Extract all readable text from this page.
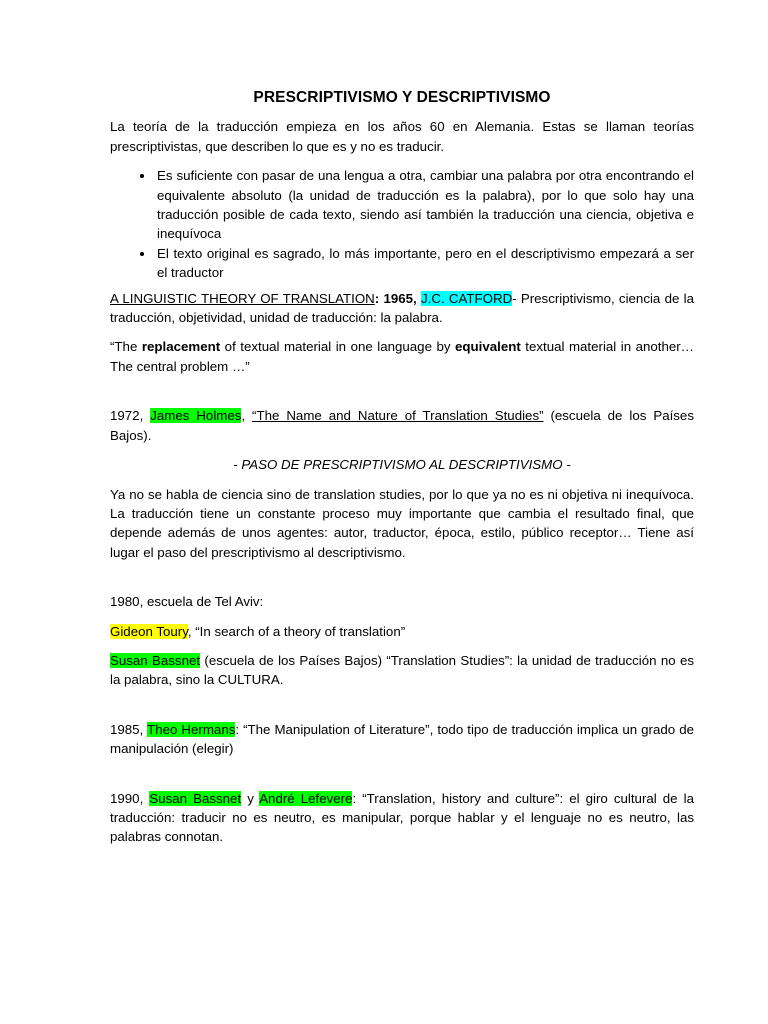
PRESCRIPTIVISMO Y DESCRIPTIVISMO

La teoría de la traducción empieza en los años 60 en Alemania. Estas se llaman teorías prescriptivistas, que describen lo que es y no es traducir.

• Es suficiente con pasar de una lengua a otra, cambiar una palabra por otra encontrando el equivalente absoluto (la unidad de traducción es la palabra), por lo que solo hay una traducción posible de cada texto, siendo así también la traducción una ciencia, objetiva e inequívoca
• El texto original es sagrado, lo más importante, pero en el descriptivismo empezará a ser el traductor

A LINGUISTIC THEORY OF TRANSLATION: 1965, J.C. CATFORD- Prescriptivismo, ciencia de la traducción, objetividad, unidad de traducción: la palabra.

“The replacement of textual material in one language by equivalent textual material in another… The central problem …”

1972, James Holmes, “The Name and Nature of Translation Studies” (escuela de los Países Bajos).

- PASO DE PRESCRIPTIVISMO AL DESCRIPTIVISMO -

Ya no se habla de ciencia sino de translation studies, por lo que ya no es ni objetiva ni inequívoca. La traducción tiene un constante proceso muy importante que cambia el resultado final, que depende además de unos agentes: autor, traductor, época, estilo, público receptor… Tiene así lugar el paso del prescriptivismo al descriptivismo.

1980, escuela de Tel Aviv:

Gideon Toury, “In search of a theory of translation”

Susan Bassnet (escuela de los Países Bajos) “Translation Studies”: la unidad de traducción no es la palabra, sino la CULTURA.

1985, Theo Hermans: “The Manipulation of Literature”, todo tipo de traducción implica un grado de manipulación (elegir)

1990, Susan Bassnet y André Lefevere: “Translation, history and culture”: el giro cultural de la traducción: traducir no es neutro, es manipular, porque hablar y el lenguaje no es neutro, las palabras connotan.
